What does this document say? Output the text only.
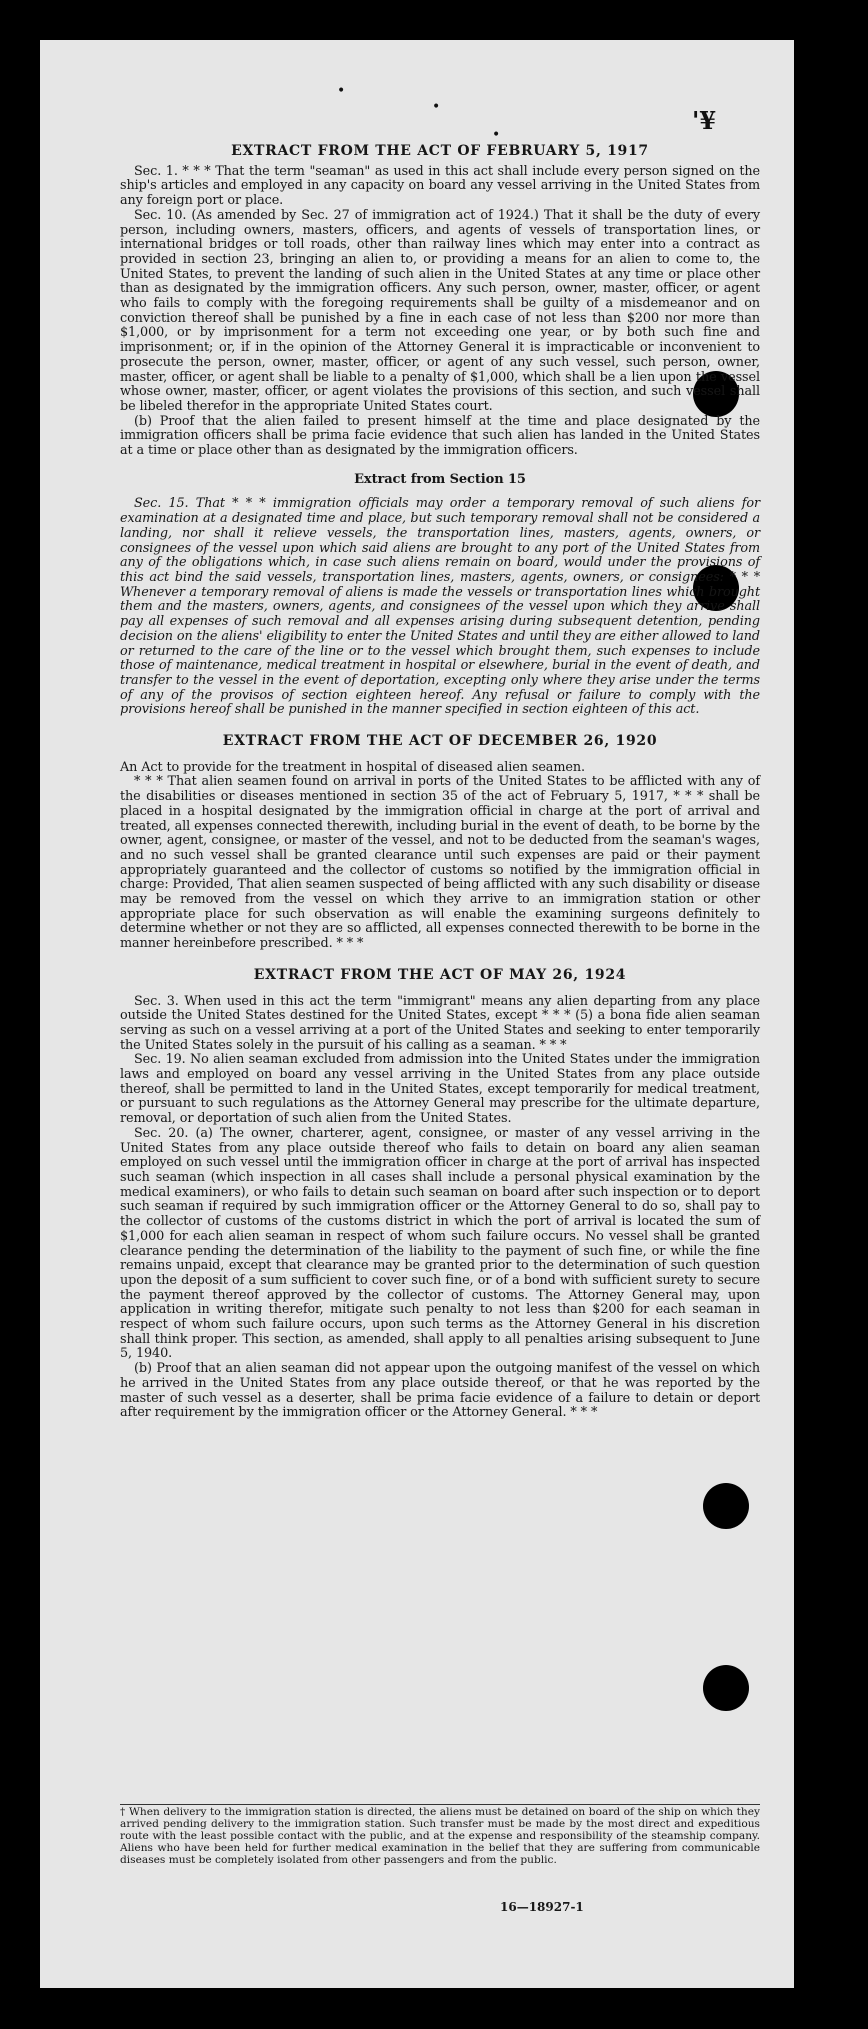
•
•
•	'¥
EXTRACT FROM THE ACT OF FEBRUARY 5, 1917

Sec. 1. * * * That the term "seaman" as used in this act shall include every person signed on the ship's articles and employed in any capacity on board any vessel arriving in the United States from any foreign port or place.

Sec. 10. (As amended by Sec. 27 of immigration act of 1924.) That it shall be the duty of every person, including owners, masters, officers, and agents of vessels of transportation lines, or international bridges or toll roads, other than railway lines which may enter into a contract as provided in section 23, bringing an alien to, or providing a means for an alien to come to, the United States, to prevent the landing of such alien in the United States at any time or place other than as designated by the immigration officers. Any such person, owner, master, officer, or agent who fails to comply with the foregoing requirements shall be guilty of a misdemeanor and on conviction thereof shall be punished by a fine in each case of not less than $200 nor more than $1,000, or by imprisonment for a term not exceeding one year, or by both such fine and imprisonment; or, if in the opinion of the Attorney General it is impracticable or inconvenient to prosecute the person, owner, master, officer, or agent of any such vessel, such person, owner, master, officer, or agent shall be liable to a penalty of $1,000, which shall be a lien upon the vessel whose owner, master, officer, or agent violates the provisions of this section, and such vessel shall be libeled therefor in the appropriate United States court.

(b) Proof that the alien failed to present himself at the time and place designated by the immigration officers shall be prima facie evidence that such alien has landed in the United States at a time or place other than as designated by the immigration officers.

Extract from Section 15

Sec. 15. That * * * immigration officials may order a temporary removal of such aliens for examination at a designated time and place, but such temporary removal shall not be considered a landing, nor shall it relieve vessels, the transportation lines, masters, agents, owners, or consignees of the vessel upon which said aliens are brought to any port of the United States from any of the obligations which, in case such aliens remain on board, would under the provisions of this act bind the said vessels, transportation lines, masters, agents, owners, or consignees: * * * Whenever a temporary removal of aliens is made the vessels or transportation lines which brought them and the masters, owners, agents, and consignees of the vessel upon which they arrive shall pay all expenses of such removal and all expenses arising during subsequent detention, pending decision on the aliens' eligibility to enter the United States and until they are either allowed to land or returned to the care of the line or to the vessel which brought them, such expenses to include those of maintenance, medical treatment in hospital or elsewhere, burial in the event of death, and transfer to the vessel in the event of deportation, excepting only where they arise under the terms of any of the provisos of section eighteen hereof. Any refusal or failure to comply with the provisions hereof shall be punished in the manner specified in section eighteen of this act.

EXTRACT FROM THE ACT OF DECEMBER 26, 1920

An Act to provide for the treatment in hospital of diseased alien seamen.

* * * That alien seamen found on arrival in ports of the United States to be afflicted with any of the disabilities or diseases mentioned in section 35 of the act of February 5, 1917, * * * shall be placed in a hospital designated by the immigration official in charge at the port of arrival and treated, all expenses connected therewith, including burial in the event of death, to be borne by the owner, agent, consignee, or master of the vessel, and not to be deducted from the seaman's wages, and no such vessel shall be granted clearance until such expenses are paid or their payment appropriately guaranteed and the collector of customs so notified by the immigration official in charge: Provided, That alien seamen suspected of being afflicted with any such disability or disease may be removed from the vessel on which they arrive to an immigration station or other appropriate place for such observation as will enable the examining surgeons definitely to determine whether or not they are so afflicted, all expenses connected therewith to be borne in the manner hereinbefore prescribed. * * *

EXTRACT FROM THE ACT OF MAY 26, 1924

Sec. 3. When used in this act the term "immigrant" means any alien departing from any place outside the United States destined for the United States, except * * * (5) a bona fide alien seaman serving as such on a vessel arriving at a port of the United States and seeking to enter temporarily the United States solely in the pursuit of his calling as a seaman. * * *

Sec. 19. No alien seaman excluded from admission into the United States under the immigration laws and employed on board any vessel arriving in the United States from any place outside thereof, shall be permitted to land in the United States, except temporarily for medical treatment, or pursuant to such regulations as the Attorney General may prescribe for the ultimate departure, removal, or deportation of such alien from the United States.

Sec. 20. (a) The owner, charterer, agent, consignee, or master of any vessel arriving in the United States from any place outside thereof who fails to detain on board any alien seaman employed on such vessel until the immigration officer in charge at the port of arrival has inspected such seaman (which inspection in all cases shall include a personal physical examination by the medical examiners), or who fails to detain such seaman on board after such inspection or to deport such seaman if required by such immigration officer or the Attorney General to do so, shall pay to the collector of customs of the customs district in which the port of arrival is located the sum of $1,000 for each alien seaman in respect of whom such failure occurs. No vessel shall be granted clearance pending the determination of the liability to the payment of such fine, or while the fine remains unpaid, except that clearance may be granted prior to the determination of such question upon the deposit of a sum sufficient to cover such fine, or of a bond with sufficient surety to secure the payment thereof approved by the collector of customs. The Attorney General may, upon application in writing therefor, mitigate such penalty to not less than $200 for each seaman in respect of whom such failure occurs, upon such terms as the Attorney General in his discretion shall think proper. This section, as amended, shall apply to all penalties arising subsequent to June 5, 1940.

(b) Proof that an alien seaman did not appear upon the outgoing manifest of the vessel on which he arrived in the United States from any place outside thereof, or that he was reported by the master of such vessel as a deserter, shall be prima facie evidence of a failure to detain or deport after requirement by the immigration officer or the Attorney General. * * *

† When delivery to the immigration station is directed, the aliens must be detained on board of the ship on which they arrived pending delivery to the immigration station. Such transfer must be made by the most direct and expeditious route with the least possible contact with the public, and at the expense and responsibility of the steamship company. Aliens who have been held for further medical examination in the belief that they are suffering from communicable diseases must be completely isolated from other passengers and from the public.
16—18927-1
